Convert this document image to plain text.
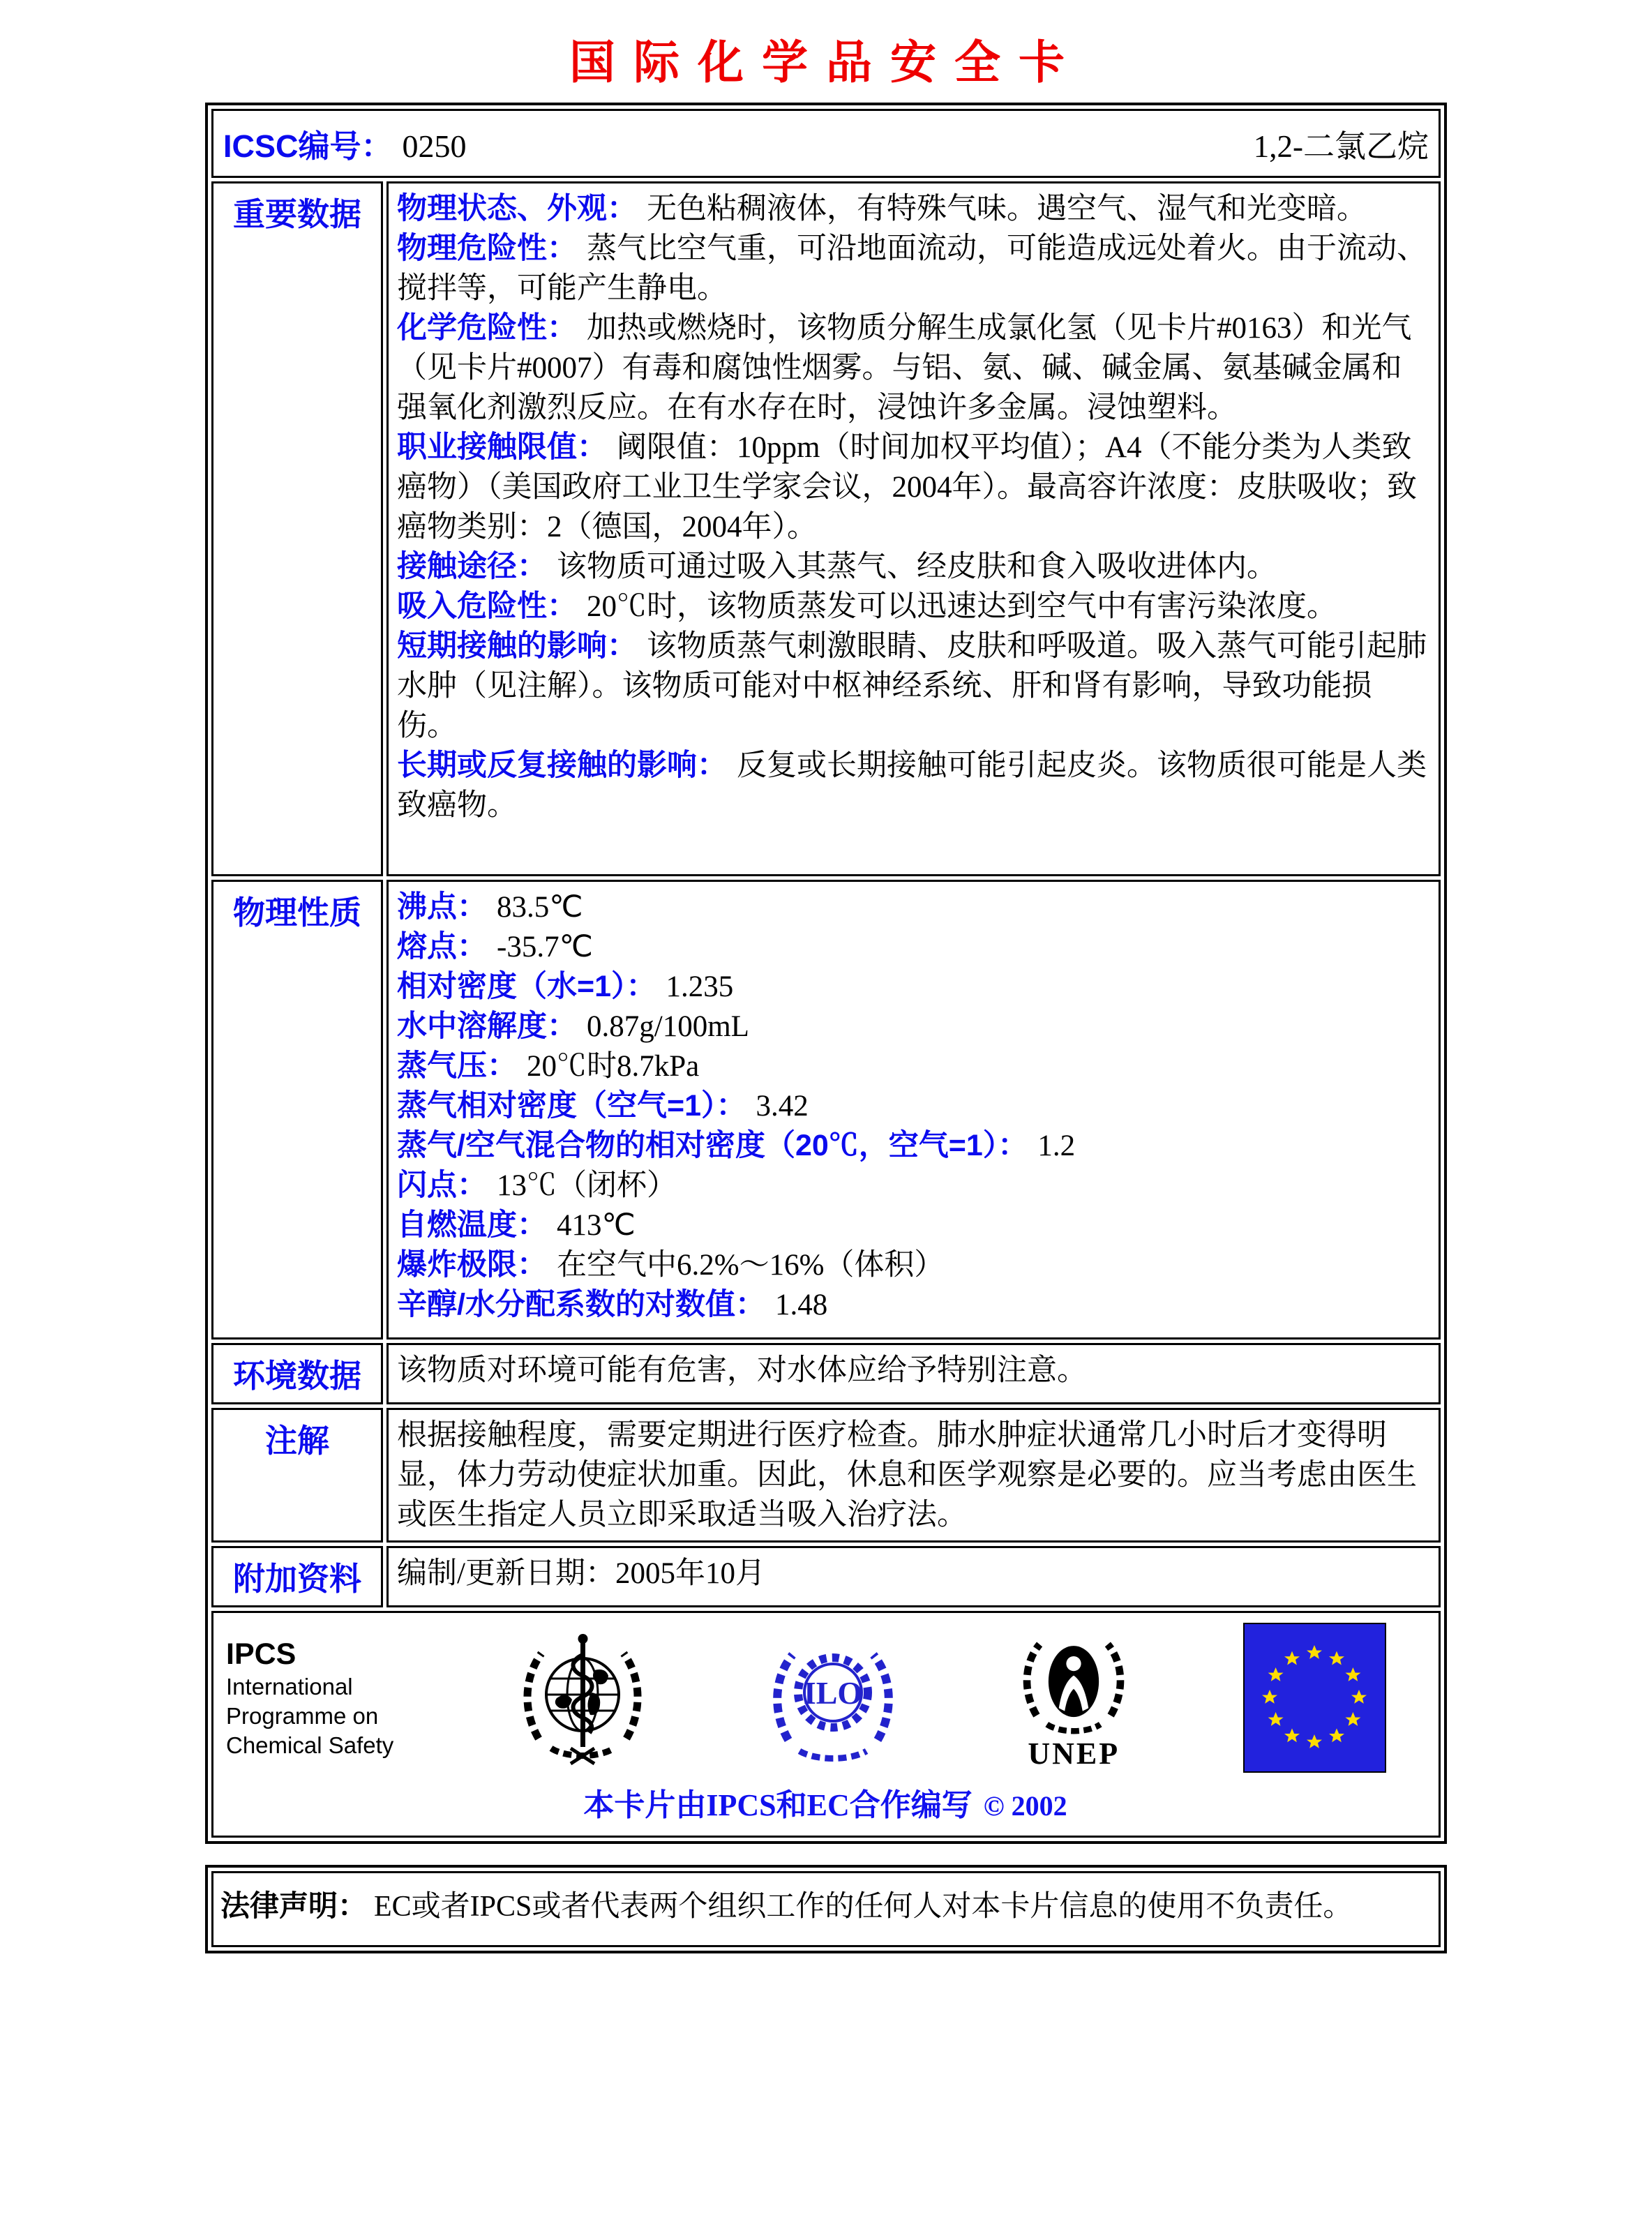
国际化学品安全卡
ICSC编号： 0250 1,2-二氯乙烷	

重要数据	物理状态、外观： 无色粘稠液体，有特殊气味。遇空气、湿气和光变暗。
物理危险性： 蒸气比空气重，可沿地面流动，可能造成远处着火。由于流动、搅拌等，可能产生静电。
化学危险性： 加热或燃烧时，该物质分解生成氯化氢（见卡片#0163）和光气（见卡片#0007）有毒和腐蚀性烟雾。与铝、氨、碱、碱金属、氨基碱金属和强氧化剂激烈反应。在有水存在时，浸蚀许多金属。浸蚀塑料。
职业接触限值： 阈限值：10ppm（时间加权平均值）；A4（不能分类为人类致癌物）（美国政府工业卫生学家会议，2004年）。最高容许浓度：皮肤吸收；致癌物类别：2（德国，2004年）。
接触途径： 该物质可通过吸入其蒸气、经皮肤和食入吸收进体内。
吸入危险性： 20℃时，该物质蒸发可以迅速达到空气中有害污染浓度。
短期接触的影响： 该物质蒸气刺激眼睛、皮肤和呼吸道。吸入蒸气可能引起肺水肿（见注解）。该物质可能对中枢神经系统、肝和肾有影响，导致功能损伤。
长期或反复接触的影响： 反复或长期接触可能引起皮炎。该物质很可能是人类致癌物。

物理性质	沸点： 83.5℃
熔点： -35.7℃
相对密度（水=1）： 1.235
水中溶解度： 0.87g/100mL
蒸气压： 20℃时8.7kPa
蒸气相对密度（空气=1）： 3.42
蒸气/空气混合物的相对密度（20℃，空气=1）： 1.2
闪点： 13℃（闭杯）
自燃温度： 413℃
爆炸极限： 在空气中6.2%～16%（体积）
辛醇/水分配系数的对数值： 1.48

环境数据	该物质对环境可能有危害，对水体应给予特别注意。

注解	根据接触程度，需要定期进行医疗检查。肺水肿症状通常几小时后才变得明显，体力劳动使症状加重。因此，休息和医学观察是必要的。应当考虑由医生或医生指定人员立即采取适当吸入治疗法。

附加资料	编制/更新日期：2005年10月

IPCS
International
Programme on
Chemical Safety
ILO
UNEP
本卡片由IPCS和EC合作编写 © 2002
法律声明： EC或者IPCS或者代表两个组织工作的任何人对本卡片信息的使用不负责任。
